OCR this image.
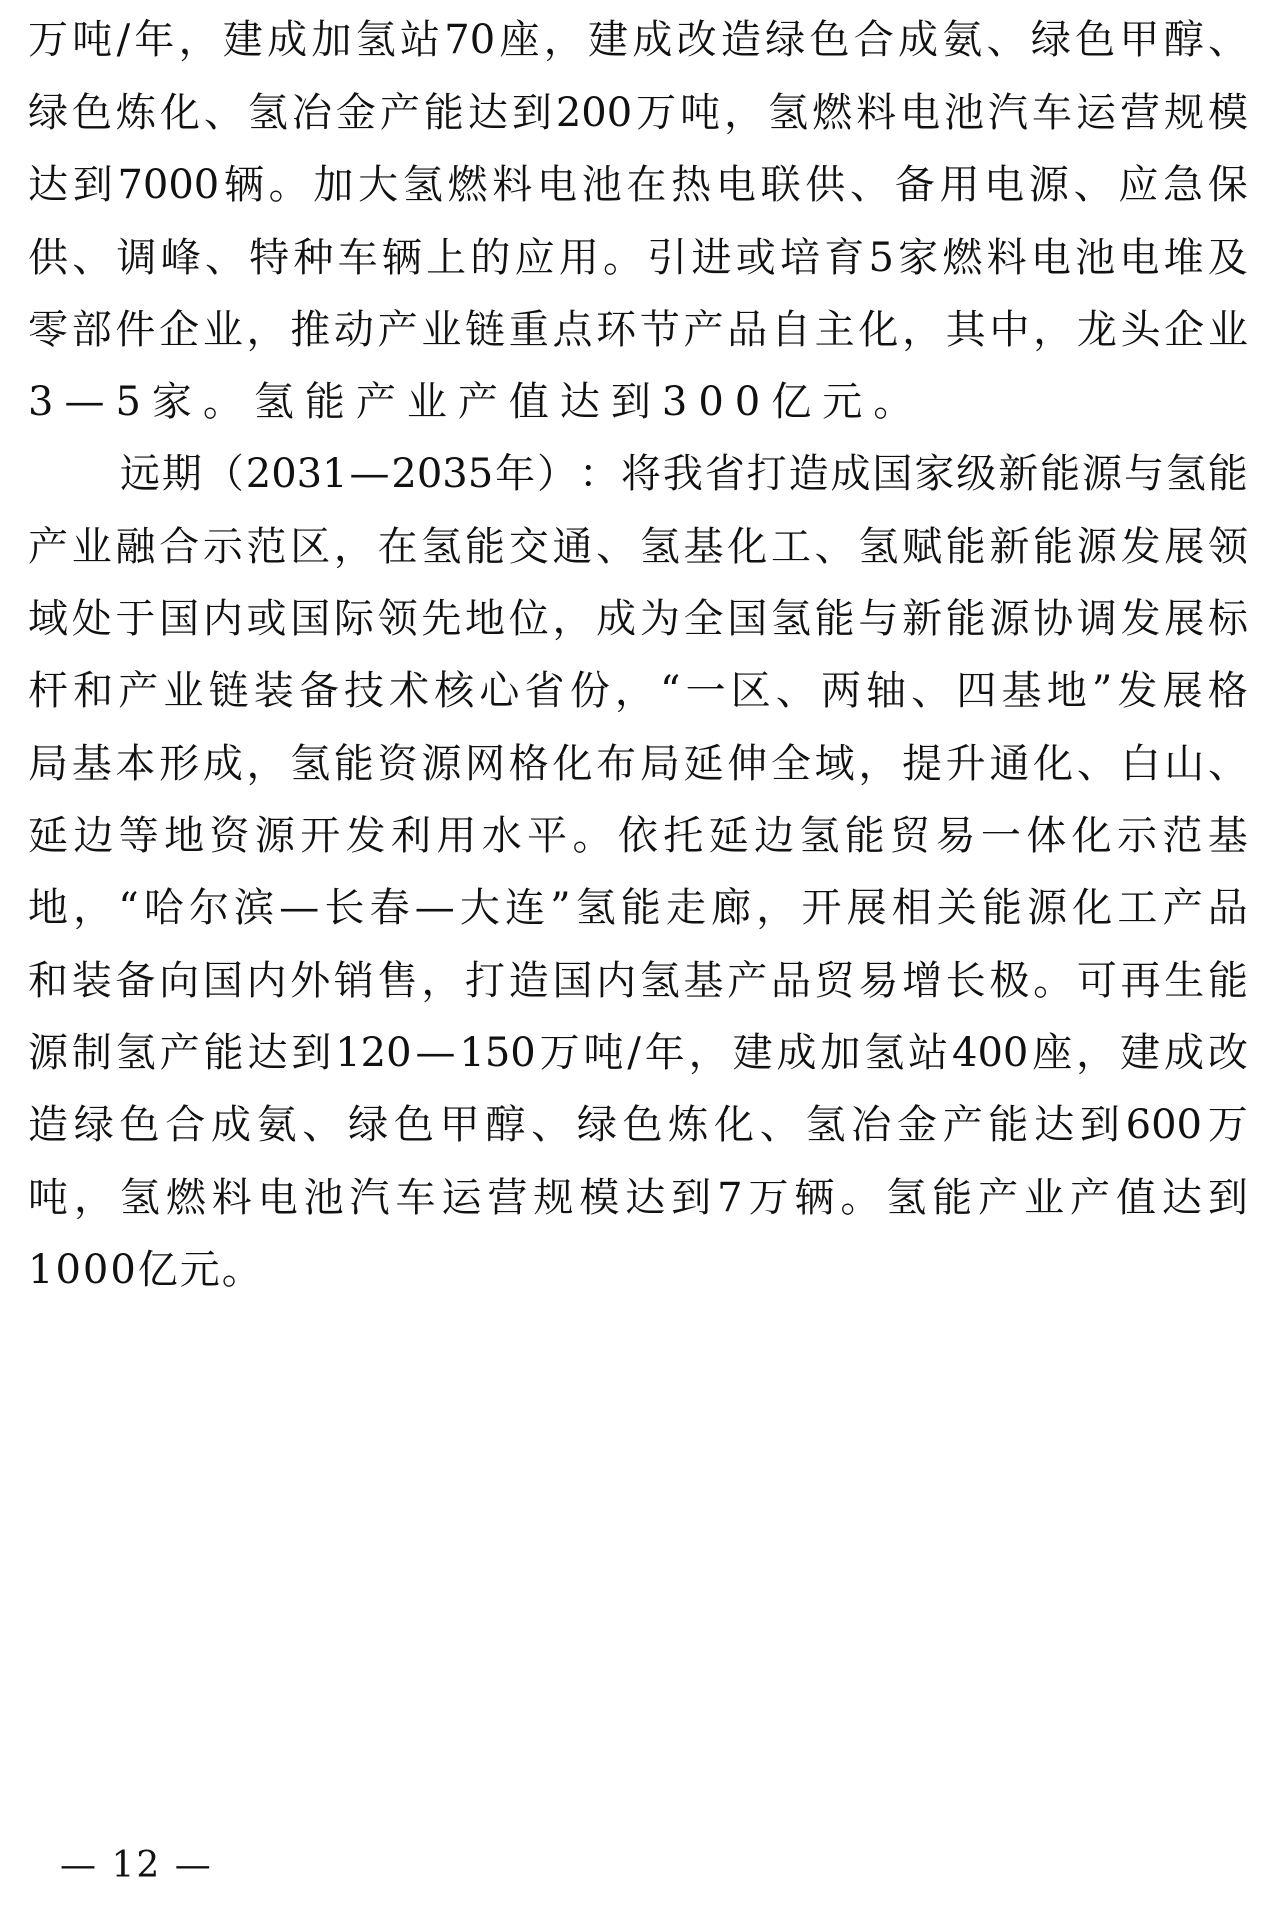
万 吨 / 年 ， 建 成 加 氢 站 70 座 ， 建 成 改 造 绿 色 合 成 氨 、 绿 色 甲 醇 、
绿 色 炼 化 、 氢 冶 金 产 能 达 到 200 万 吨 ， 氢 燃 料 电 池 汽 车 运 营 规 模
达 到 7000 辆 。 加 大 氢 燃 料 电 池 在 热 电 联 供 、 备 用 电 源 、 应 急 保
供 、 调 峰 、 特 种 车 辆 上 的 应 用 。 引 进 或 培 育 5 家 燃 料 电 池 电 堆 及
零 部 件 企 业 ， 推 动 产 业 链 重 点 环 节 产 品 自 主 化 ， 其 中 ， 龙 头 企 业
3—5家。氢能产业产值达到300亿元。
远 期 （ 2031 — 2035 年 ） ： 将 我 省 打 造 成 国 家 级 新 能 源 与 氢 能
产 业 融 合 示 范 区 ， 在 氢 能 交 通 、 氢 基 化 工 、 氢 赋 能 新 能 源 发 展 领
域 处 于 国 内 或 国 际 领 先 地 位 ， 成 为 全 国 氢 能 与 新 能 源 协 调 发 展 标
杆 和 产 业 链 装 备 技 术 核 心 省 份 ， “ 一 区 、 两 轴 、 四 基 地 ” 发 展 格
局 基 本 形 成 ， 氢 能 资 源 网 格 化 布 局 延 伸 全 域 ， 提 升 通 化 、 白 山 、
延 边 等 地 资 源 开 发 利 用 水 平 。 依 托 延 边 氢 能 贸 易 一 体 化 示 范 基
地 ， “ 哈 尔 滨 — 长 春 — 大 连 ” 氢 能 走 廊 ， 开 展 相 关 能 源 化 工 产 品
和 装 备 向 国 内 外 销 售 ， 打 造 国 内 氢 基 产 品 贸 易 增 长 极 。 可 再 生 能
源 制 氢 产 能 达 到 120 — 150 万 吨 / 年 ， 建 成 加 氢 站 400 座 ， 建 成 改
造 绿 色 合 成 氨 、 绿 色 甲 醇 、 绿 色 炼 化 、 氢 冶 金 产 能 达 到 600 万
吨 ， 氢 燃 料 电 池 汽 车 运 营 规 模 达 到 7 万 辆 。 氢 能 产 业 产 值 达 到
1000亿元。
— 12 —
